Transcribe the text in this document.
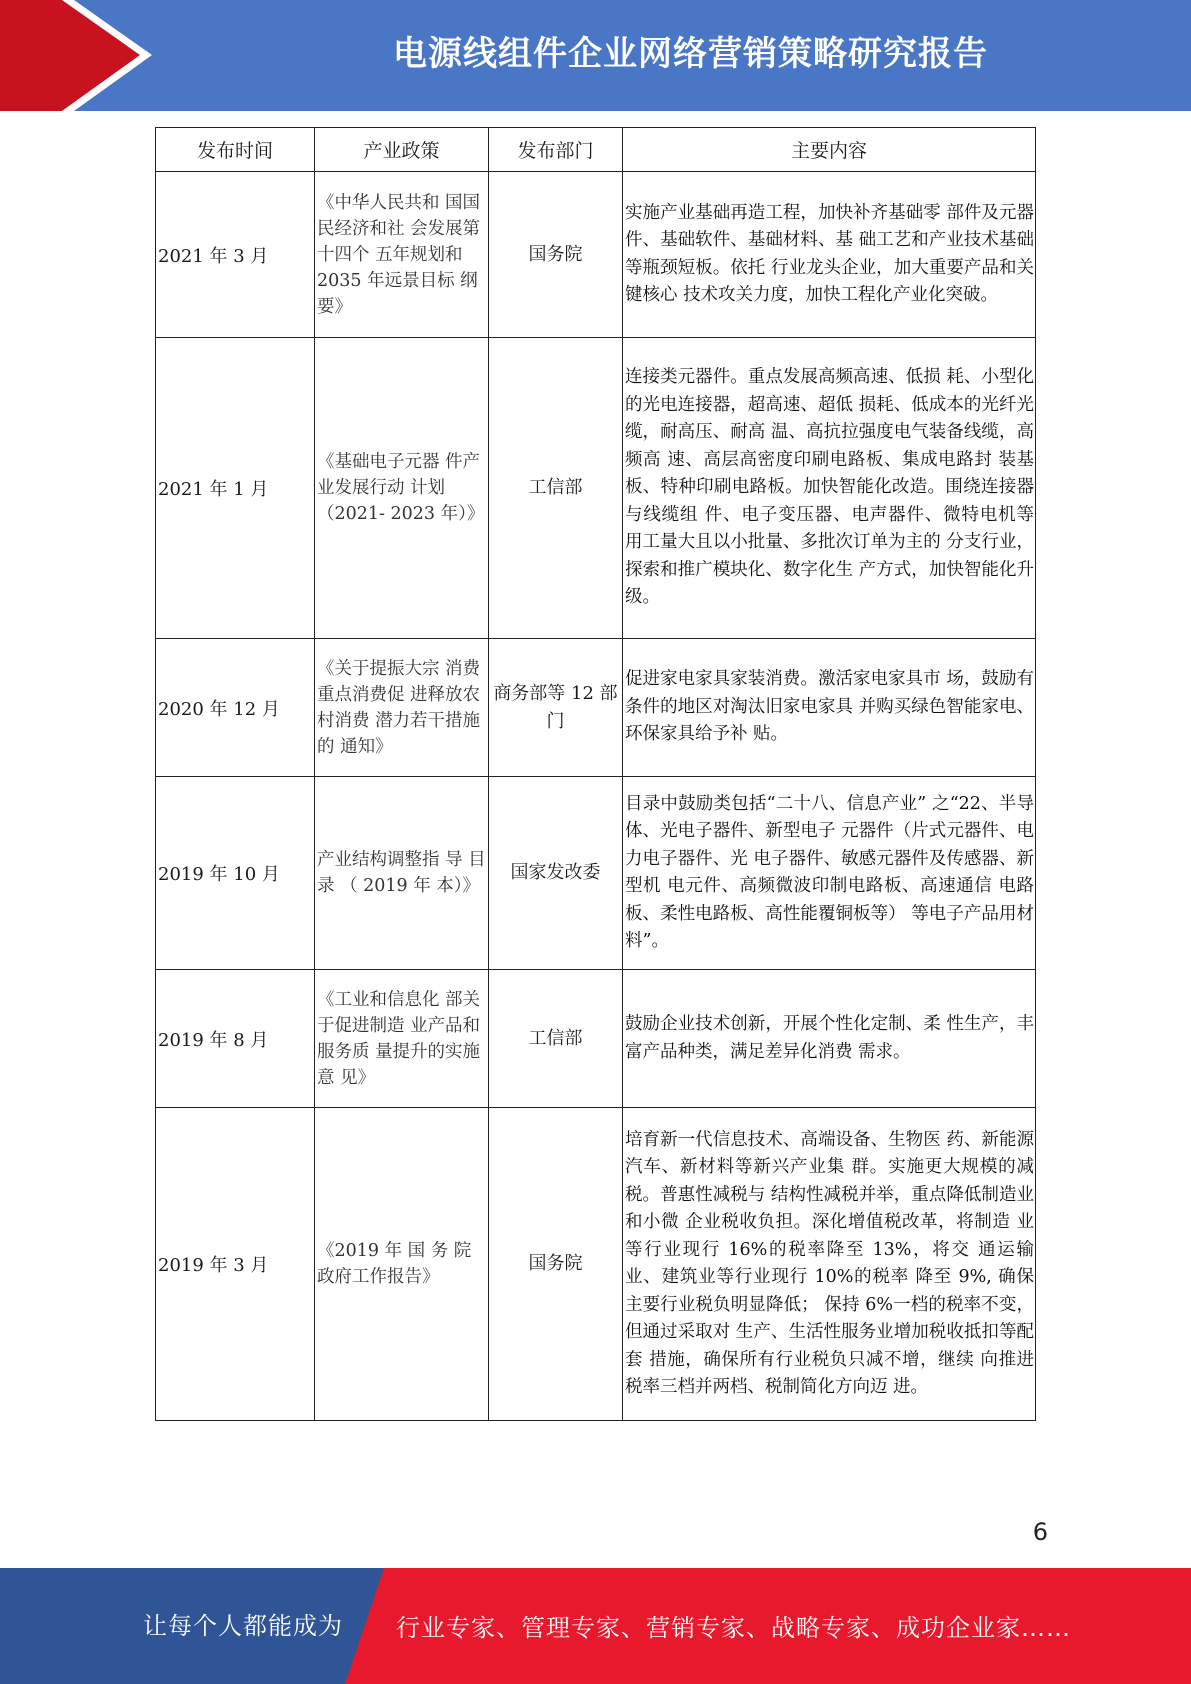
电源线组件企业网络营销策略研究报告
发布时间	产业政策	发布部门	主要内容
2021 年 3 月	《中华人民共和 国国民经济和社 会发展第十四个 五年规划和 2035 年远景目标 纲要》	国务院	实施产业基础再造工程，加快补齐基础零 部件及元器件、基础软件、基础材料、基 础工艺和产业技术基础等瓶颈短板。依托 行业龙头企业，加大重要产品和关键核心 技术攻关力度，加快工程化产业化突破。
2021 年 1 月	《基础电子元器 件产业发展行动 计划（2021- 2023 年）》	工信部	连接类元器件。重点发展高频高速、低损 耗、小型化的光电连接器，超高速、超低 损耗、低成本的光纤光缆，耐高压、耐高 温、高抗拉强度电气装备线缆，高频高 速、高层高密度印刷电路板、集成电路封 装基板、特种印刷电路板。加快智能化改造。围绕连接器与线缆组 件、电子变压器、电声器件、微特电机等 用工量大且以小批量、多批次订单为主的 分支行业，探索和推广模块化、数字化生 产方式，加快智能化升级。
2020 年 12 月	《关于提振大宗 消费重点消费促 进释放农村消费 潜力若干措施的 通知》	商务部等 12 部门	促进家电家具家装消费。激活家电家具市 场，鼓励有条件的地区对淘汰旧家电家具 并购买绿色智能家电、环保家具给予补 贴。
2019 年 10 月	产业结构调整指 导 目 录 （ 2019 年 本）》	国家发改委	目录中鼓励类包括“二十八、信息产业” 之“22、半导体、光电子器件、新型电子 元器件（片式元器件、电力电子器件、光 电子器件、敏感元器件及传感器、新型机 电元件、高频微波印制电路板、高速通信 电路板、柔性电路板、高性能覆铜板等） 等电子产品用材料”。
2019 年 8 月	《工业和信息化 部关于促进制造 业产品和服务质 量提升的实施意 见》	工信部	鼓励企业技术创新，开展个性化定制、柔 性生产，丰富产品种类，满足差异化消费 需求。
2019 年 3 月	《2019 年 国 务 院 政府工作报告》	国务院	培育新一代信息技术、高端设备、生物医 药、新能源汽车、新材料等新兴产业集 群。实施更大规模的减税。普惠性减税与 结构性减税并举，重点降低制造业和小微 企业税收负担。深化增值税改革，将制造 业等行业现行 16%的税率降至 13%，将交 通运输业、建筑业等行业现行 10%的税率 降至 9%, 确保主要行业税负明显降低； 保持 6%一档的税率不变，但通过采取对 生产、生活性服务业增加税收抵扣等配套 措施，确保所有行业税负只减不增，继续 向推进税率三档并两档、税制简化方向迈 进。
6
让每个人都能成为 行业专家、管理专家、营销专家、战略专家、成功企业家……
